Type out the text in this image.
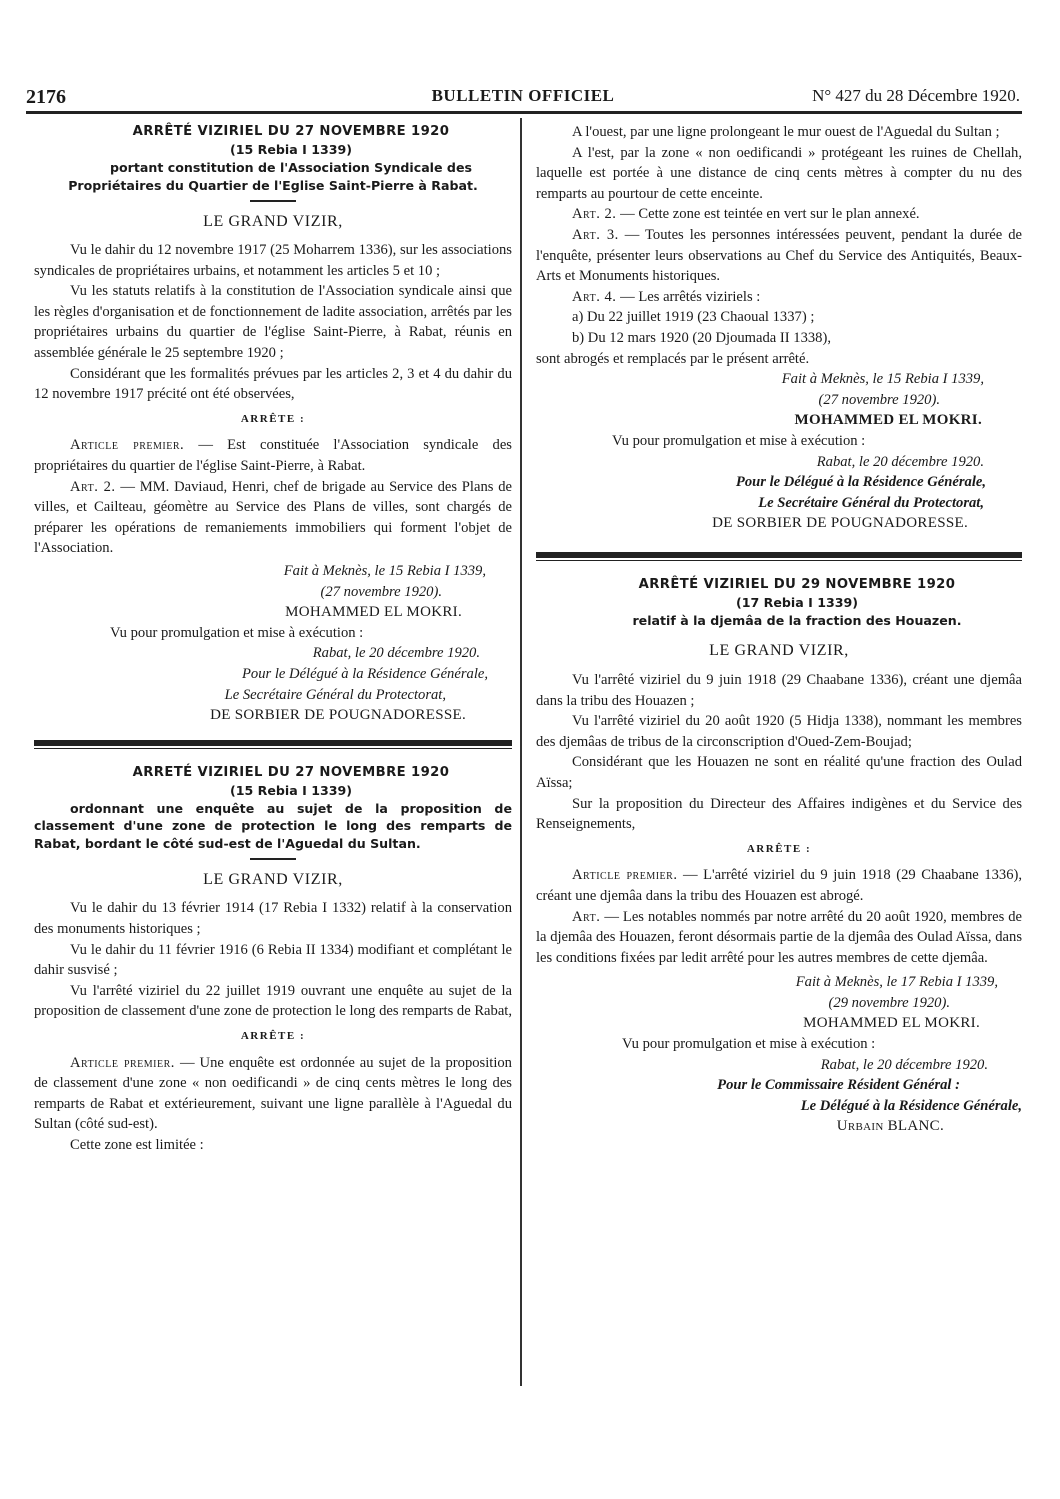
2176	BULLETIN OFFICIEL	N° 427 du 28 Décembre 1920.

ARRÊTÉ VIZIRIEL DU 27 NOVEMBRE 1920

(15 Rebia I 1339)

portant constitution de l'Association Syndicale des Propriétaires du Quartier de l'Eglise Saint-Pierre à Rabat.

LE GRAND VIZIR,

Vu le dahir du 12 novembre 1917 (25 Moharrem 1336), sur les associations syndicales de propriétaires urbains, et notamment les articles 5 et 10 ;

Vu les statuts relatifs à la constitution de l'Association syndicale ainsi que les règles d'organisation et de fonctionnement de ladite association, arrêtés par les propriétaires urbains du quartier de l'église Saint-Pierre, à Rabat, réunis en assemblée générale le 25 septembre 1920 ;

Considérant que les formalités prévues par les articles 2, 3 et 4 du dahir du 12 novembre 1917 précité ont été observées,

ARRÊTE :

Article premier. — Est constituée l'Association syndicale des propriétaires du quartier de l'église Saint-Pierre, à Rabat.

Art. 2. — MM. Daviaud, Henri, chef de brigade au Service des Plans de villes, et Cailteau, géomètre au Service des Plans de villes, sont chargés de préparer les opérations de remaniements immobiliers qui forment l'objet de l'Association.

Fait à Meknès, le 15 Rebia I 1339,

(27 novembre 1920).

MOHAMMED EL MOKRI.

Vu pour promulgation et mise à exécution :

Rabat, le 20 décembre 1920.

Pour le Délégué à la Résidence Générale,

Le Secrétaire Général du Protectorat,

DE SORBIER DE POUGNADORESSE.

ARRETÉ VIZIRIEL DU 27 NOVEMBRE 1920

(15 Rebia I 1339)

ordonnant une enquête au sujet de la proposition de classement d'une zone de protection le long des remparts de Rabat, bordant le côté sud-est de l'Aguedal du Sultan.

LE GRAND VIZIR,

Vu le dahir du 13 février 1914 (17 Rebia I 1332) relatif à la conservation des monuments historiques ;

Vu le dahir du 11 février 1916 (6 Rebia II 1334) modifiant et complétant le dahir susvisé ;

Vu l'arrêté viziriel du 22 juillet 1919 ouvrant une enquête au sujet de la proposition de classement d'une zone de protection le long des remparts de Rabat,

ARRÊTE :

Article premier. — Une enquête est ordonnée au sujet de la proposition de classement d'une zone « non oedificandi » de cinq cents mètres le long des remparts de Rabat et extérieurement, suivant une ligne parallèle à l'Aguedal du Sultan (côté sud-est).

Cette zone est limitée :

A l'ouest, par une ligne prolongeant le mur ouest de l'Aguedal du Sultan ;

A l'est, par la zone « non oedificandi » protégeant les ruines de Chellah, laquelle est portée à une distance de cinq cents mètres à compter du nu des remparts au pourtour de cette enceinte.

Art. 2. — Cette zone est teintée en vert sur le plan annexé.

Art. 3. — Toutes les personnes intéressées peuvent, pendant la durée de l'enquête, présenter leurs observations au Chef du Service des Antiquités, Beaux-Arts et Monuments historiques.

Art. 4. — Les arrêtés viziriels :

a) Du 22 juillet 1919 (23 Chaoual 1337) ;

b) Du 12 mars 1920 (20 Djoumada II 1338),

sont abrogés et remplacés par le présent arrêté.

Fait à Meknès, le 15 Rebia I 1339,

(27 novembre 1920).

MOHAMMED EL MOKRI.

Vu pour promulgation et mise à exécution :

Rabat, le 20 décembre 1920.

Pour le Délégué à la Résidence Générale,

Le Secrétaire Général du Protectorat,

DE SORBIER DE POUGNADORESSE.

ARRÊTÉ VIZIRIEL DU 29 NOVEMBRE 1920

(17 Rebia I 1339)

relatif à la djemâa de la fraction des Houazen.

LE GRAND VIZIR,

Vu l'arrêté viziriel du 9 juin 1918 (29 Chaabane 1336), créant une djemâa dans la tribu des Houazen ;

Vu l'arrêté viziriel du 20 août 1920 (5 Hidja 1338), nommant les membres des djemâas de tribus de la circonscription d'Oued-Zem-Boujad;

Considérant que les Houazen ne sont en réalité qu'une fraction des Oulad Aïssa;

Sur la proposition du Directeur des Affaires indigènes et du Service des Renseignements,

ARRÊTE :

Article premier. — L'arrêté viziriel du 9 juin 1918 (29 Chaabane 1336), créant une djemâa dans la tribu des Houazen est abrogé.

Art. — Les notables nommés par notre arrêté du 20 août 1920, membres de la djemâa des Houazen, feront désormais partie de la djemâa des Oulad Aïssa, dans les conditions fixées par ledit arrêté pour les autres membres de cette djemâa.

Fait à Meknès, le 17 Rebia I 1339,

(29 novembre 1920).

MOHAMMED EL MOKRI.

Vu pour promulgation et mise à exécution :

Rabat, le 20 décembre 1920.

Pour le Commissaire Résident Général :

Le Délégué à la Résidence Générale,

Urbain BLANC.
